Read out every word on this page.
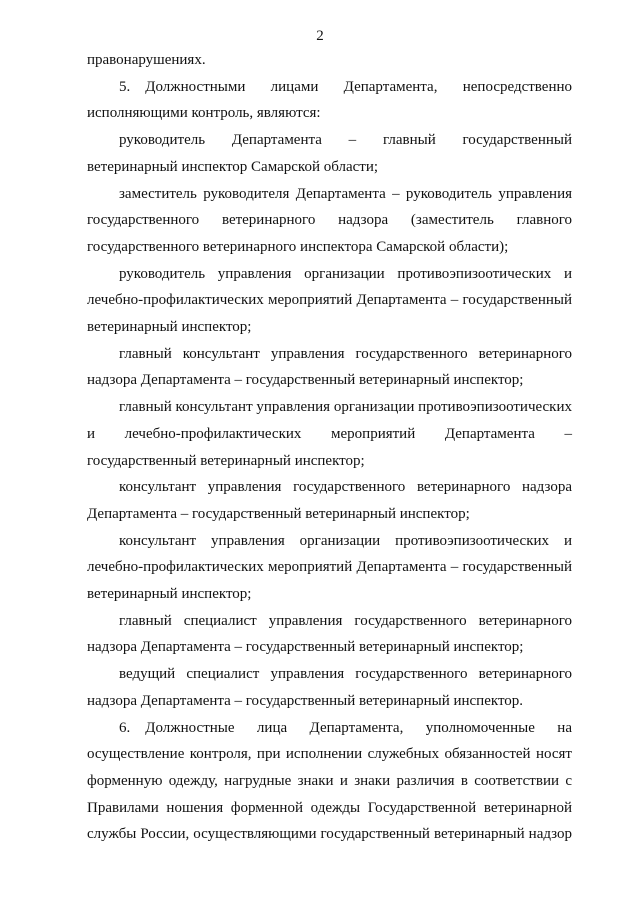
2

правонарушениях.

5. Должностными лицами Департамента, непосредственно исполняющими контроль, являются:

руководитель Департамента – главный государственный ветеринарный инспектор Самарской области;

заместитель руководителя Департамента – руководитель управления государственного ветеринарного надзора (заместитель главного государственного ветеринарного инспектора Самарской области);

руководитель управления организации противоэпизоотических и лечебно-профилактических мероприятий Департамента – государственный ветеринарный инспектор;

главный консультант управления государственного ветеринарного надзора Департамента – государственный ветеринарный инспектор;

главный консультант управления организации противоэпизоотических и лечебно-профилактических мероприятий Департамента – государственный ветеринарный инспектор;

консультант управления государственного ветеринарного надзора Департамента – государственный ветеринарный инспектор;

консультант управления организации противоэпизоотических и лечебно-профилактических мероприятий Департамента – государственный ветеринарный инспектор;

главный специалист управления государственного ветеринарного надзора Департамента – государственный ветеринарный инспектор;

ведущий специалист управления государственного ветеринарного надзора Департамента – государственный ветеринарный инспектор.

6. Должностные лица Департамента, уполномоченные на осуществление контроля, при исполнении служебных обязанностей носят форменную одежду, нагрудные знаки и знаки различия в соответствии с Правилами ношения форменной одежды Государственной ветеринарной службы России, осуществляющими государственный ветеринарный надзор
